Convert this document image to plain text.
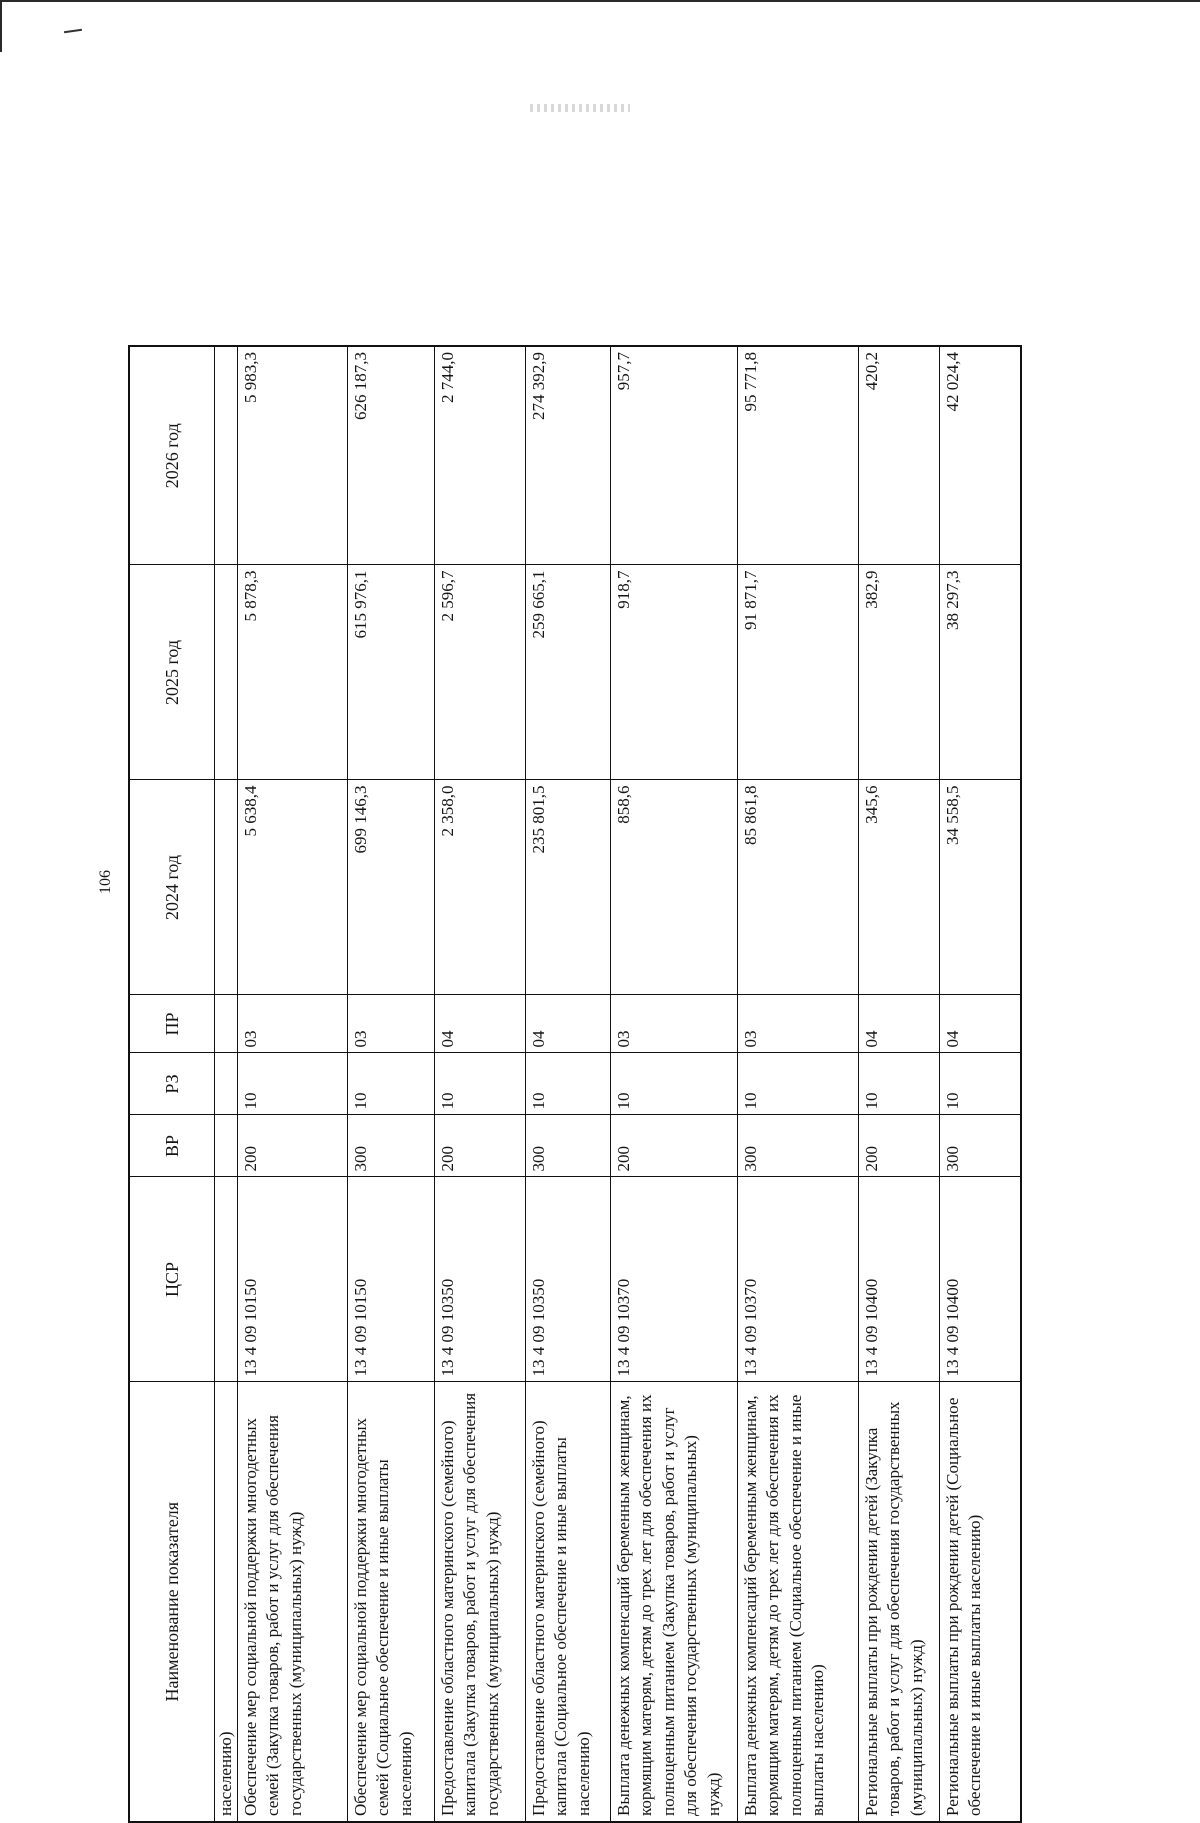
106
Наименование показателя	ЦСР	ВР	РЗ	ПР	2024 год	2025 год	2026 год
населению)							
Обеспечение мер социальной поддержки многодетных семей (Закупка товаров, работ и услуг для обеспечения государственных (муниципальных) нужд)	13 4 09 10150	200	10	03	5 638,4	5 878,3	5 983,3
Обеспечение мер социальной поддержки многодетных семей (Социальное обеспечение и иные выплаты населению)	13 4 09 10150	300	10	03	699 146,3	615 976,1	626 187,3
Предоставление областного материнского (семейного) капитала (Закупка товаров, работ и услуг для обеспечения государственных (муниципальных) нужд)	13 4 09 10350	200	10	04	2 358,0	2 596,7	2 744,0
Предоставление областного материнского (семейного) капитала (Социальное обеспечение и иные выплаты населению)	13 4 09 10350	300	10	04	235 801,5	259 665,1	274 392,9
Выплата денежных компенсаций беременным женщинам, кормящим матерям, детям до трех лет для обеспечения их полноценным питанием (Закупка товаров, работ и услуг для обеспечения государственных (муниципальных) нужд)	13 4 09 10370	200	10	03	858,6	918,7	957,7
Выплата денежных компенсаций беременным женщинам, кормящим матерям, детям до трех лет для обеспечения их полноценным питанием (Социальное обеспечение и иные выплаты населению)	13 4 09 10370	300	10	03	85 861,8	91 871,7	95 771,8
Региональные выплаты при рождении детей (Закупка товаров, работ и услуг для обеспечения государственных (муниципальных) нужд)	13 4 09 10400	200	10	04	345,6	382,9	420,2
Региональные выплаты при рождении детей (Социальное обеспечение и иные выплаты населению)	13 4 09 10400	300	10	04	34 558,5	38 297,3	42 024,4
